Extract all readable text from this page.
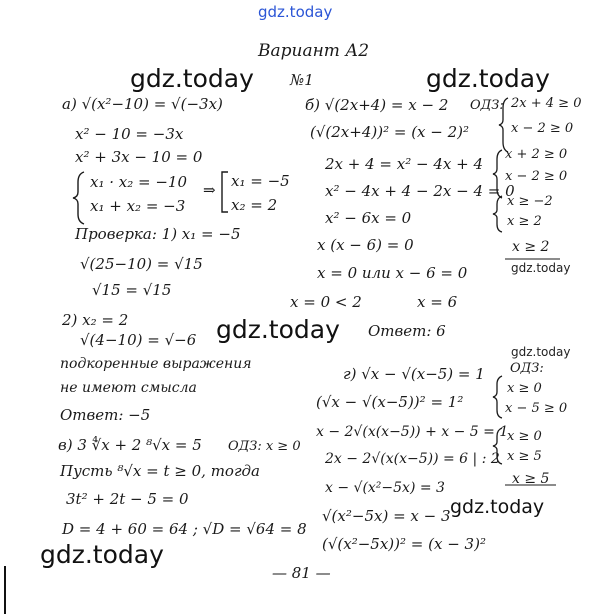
gdz.today
Вариант А2
№1
gdz.today	gdz.today
gdz.today
gdz.today
gdz.today
gdz.today
gdz.today
а) √(x²−10) = √(−3x)
x² − 10 = −3x
x² + 3x − 10 = 0
x₁ · x₂ = −10
x₁ + x₂ = −3
⇒ x₁ = −5
x₂ = 2
Проверка: 1) x₁ = −5
√(25−10) = √15
√15 = √15
2) x₂ = 2
√(4−10) = √−6
подкоренные выражения
не имеют смысла
Ответ: −5
б) √(2x+4) = x − 2
(√(2x+4))² = (x − 2)²
2x + 4 = x² − 4x + 4
x² − 4x + 4 − 2x − 4 = 0
x² − 6x = 0
x (x − 6) = 0
x = 0 или x − 6 = 0
x = 0 < 2	x = 6
Ответ: 6
ОДЗ: 2x + 4 ≥ 0
x − 2 ≥ 0
x + 2 ≥ 0
x − 2 ≥ 0
x ≥ −2
x ≥ 2
x ≥ 2
в) 3 ∜x + 2 ⁸√x = 5 ОДЗ: x ≥ 0
Пусть ⁸√x = t ≥ 0, тогда
3t² + 2t − 5 = 0
D = 4 + 60 = 64 ; √D = √64 = 8
г) √x − √(x−5) = 1
(√x − √(x−5))² = 1²
x − 2√(x(x−5)) + x − 5 = 1
2x − 2√(x(x−5)) = 6 | : 2
x − √(x²−5x) = 3
√(x²−5x) = x − 3
(√(x²−5x))² = (x − 3)²
ОДЗ:
x ≥ 0
x − 5 ≥ 0
x ≥ 0
x ≥ 5
x ≥ 5
— 81 —
